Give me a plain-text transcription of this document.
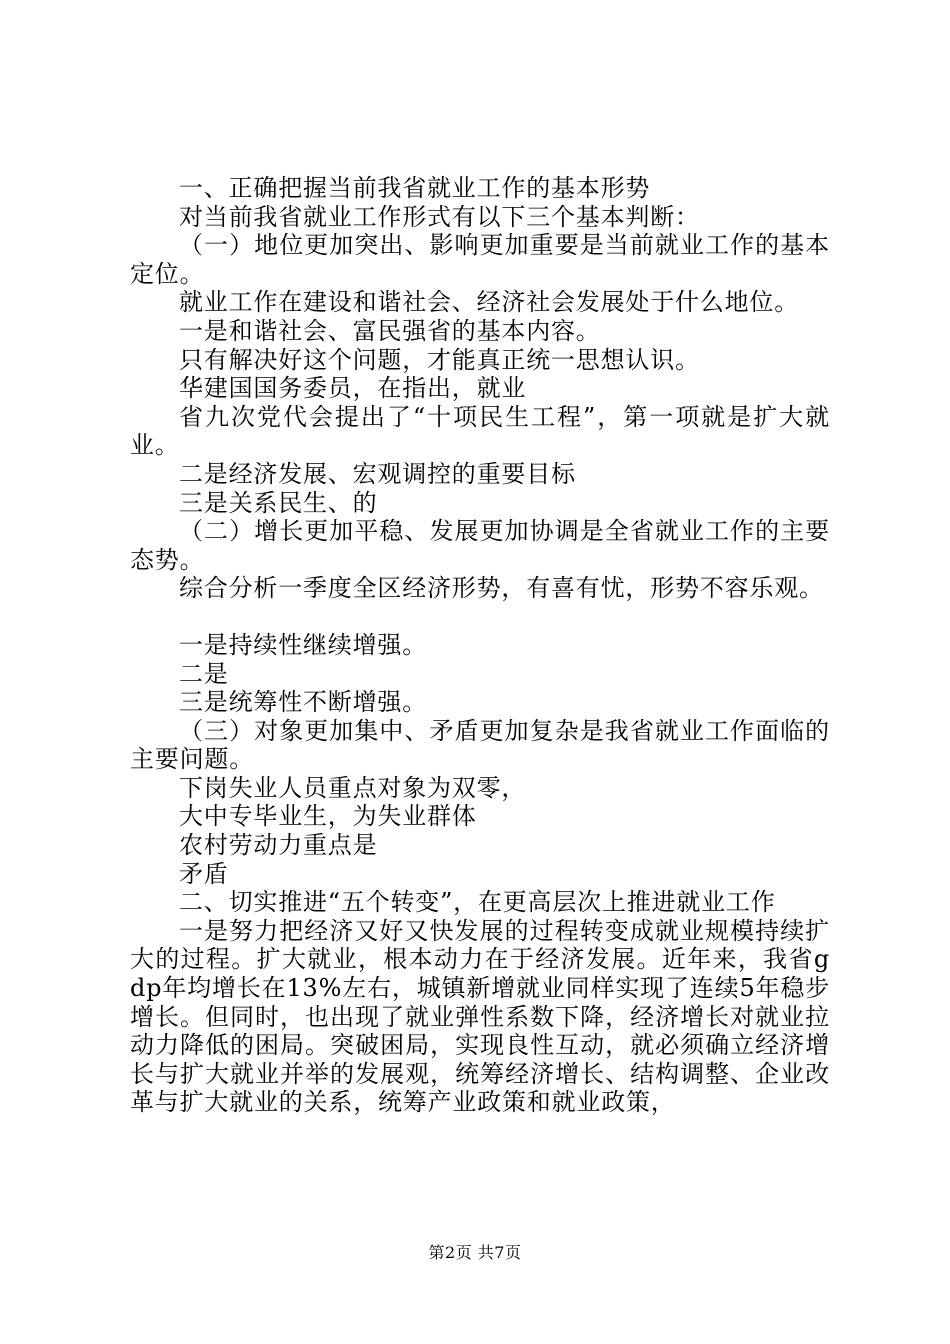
一、正确把握当前我省就业工作的基本形势

对当前我省就业工作形式有以下三个基本判断：

（一）地位更加突出、影响更加重要是当前就业工作的基本定位。

就业工作在建设和谐社会、经济社会发展处于什么地位。

一是和谐社会、富民强省的基本内容。

只有解决好这个问题，才能真正统一思想认识。

华建国国务委员，在指出，就业

省九次党代会提出了“十项民生工程”，第一项就是扩大就业。

二是经济发展、宏观调控的重要目标

三是关系民生、的

（二）增长更加平稳、发展更加协调是全省就业工作的主要态势。

综合分析一季度全区经济形势，有喜有忧，形势不容乐观。

一是持续性继续增强。

二是

三是统筹性不断增强。

（三）对象更加集中、矛盾更加复杂是我省就业工作面临的主要问题。

下岗失业人员重点对象为双零，

大中专毕业生，为失业群体

农村劳动力重点是

矛盾

二、切实推进“五个转变”，在更高层次上推进就业工作

一是努力把经济又好又快发展的过程转变成就业规模持续扩大的过程。扩大就业，根本动力在于经济发展。近年来，我省gdp年均增长在13%左右，城镇新增就业同样实现了连续5年稳步增长。但同时，也出现了就业弹性系数下降，经济增长对就业拉动力降低的困局。突破困局，实现良性互动，就必须确立经济增长与扩大就业并举的发展观，统筹经济增长、结构调整、企业改革与扩大就业的关系，统筹产业政策和就业政策，

第2页 共7页
